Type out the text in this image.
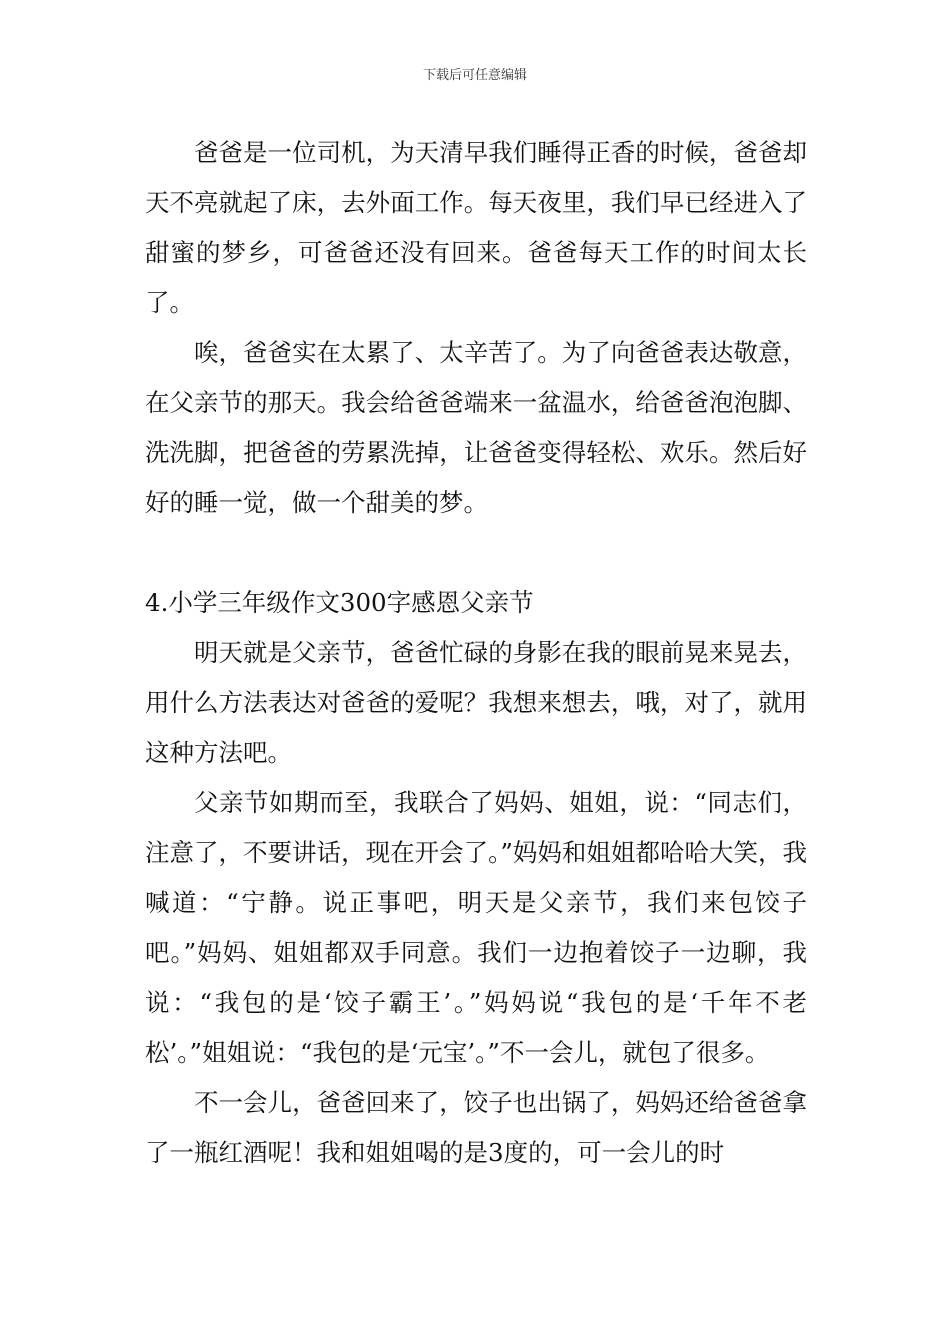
下载后可任意编辑

爸爸是一位司机，为天清早我们睡得正香的时候，爸爸却天不亮就起了床，去外面工作。每天夜里，我们早已经进入了甜蜜的梦乡，可爸爸还没有回来。爸爸每天工作的时间太长了。

唉，爸爸实在太累了、太辛苦了。为了向爸爸表达敬意，在父亲节的那天。我会给爸爸端来一盆温水，给爸爸泡泡脚、洗洗脚，把爸爸的劳累洗掉，让爸爸变得轻松、欢乐。然后好好的睡一觉，做一个甜美的梦。

4.小学三年级作文300字感恩父亲节

明天就是父亲节，爸爸忙碌的身影在我的眼前晃来晃去，用什么方法表达对爸爸的爱呢？我想来想去，哦，对了，就用这种方法吧。

父亲节如期而至，我联合了妈妈、姐姐，说：“同志们，注意了，不要讲话，现在开会了。”妈妈和姐姐都哈哈大笑，我喊道：“宁静。说正事吧，明天是父亲节，我们来包饺子吧。”妈妈、姐姐都双手同意。我们一边抱着饺子一边聊，我说：“我包的是‘饺子霸王’。”妈妈说“我包的是‘千年不老松’。”姐姐说：“我包的是‘元宝’。”不一会儿，就包了很多。

不一会儿，爸爸回来了，饺子也出锅了，妈妈还给爸爸拿了一瓶红酒呢！我和姐姐喝的是3度的，可一会儿的时
